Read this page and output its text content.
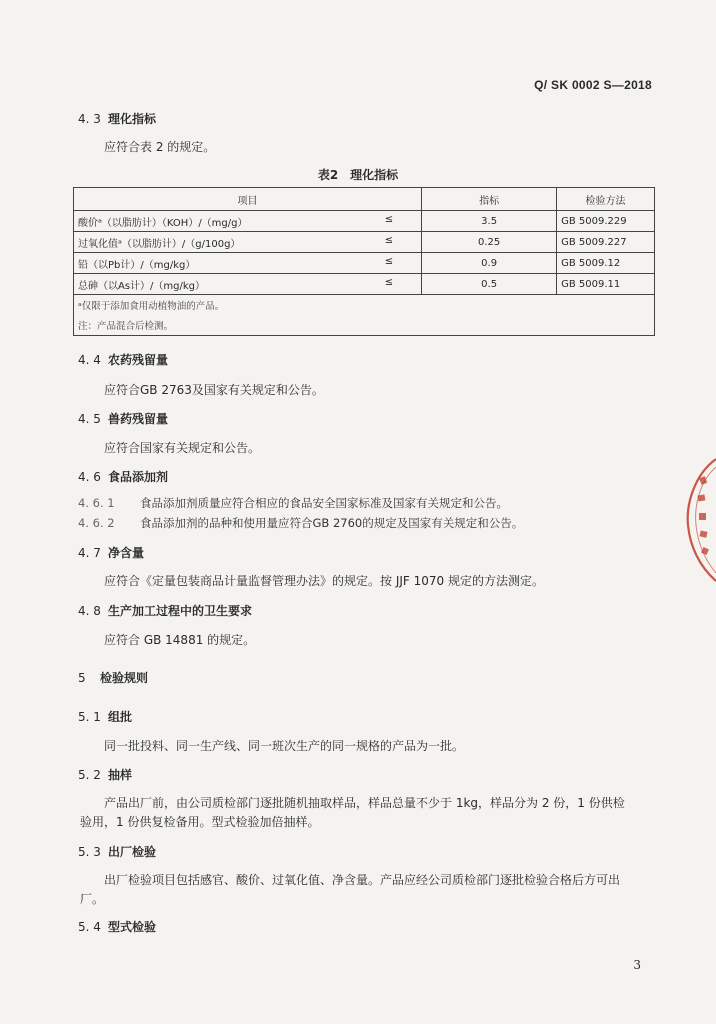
Q/ SK 0002 S—2018
4. 3 理化指标
应符合表 2 的规定。
表2　理化指标
项目	指标	检验方法

酸价ᵃ（以脂肪计）（KOH）/（mg/g） ≤	3.5	GB 5009.229

过氧化值ᵃ（以脂肪计）/（g/100g） ≤	0.25	GB 5009.227

铅（以Pb计）/（mg/kg） ≤	0.9	GB 5009.12

总砷（以As计）/（mg/kg） ≤	0.5	GB 5009.11
ᵃ仅限于添加食用动植物油的产品。		
注：产品混合后检测。		
4. 4 农药残留量
应符合GB 2763及国家有关规定和公告。
4. 5 兽药残留量
应符合国家有关规定和公告。
4. 6 食品添加剂
4. 6. 1 食品添加剂质量应符合相应的食品安全国家标准及国家有关规定和公告。
4. 6. 2 食品添加剂的品种和使用量应符合GB 2760的规定及国家有关规定和公告。
4. 7 净含量
应符合《定量包装商品计量监督管理办法》的规定。按 JJF 1070 规定的方法测定。
4. 8 生产加工过程中的卫生要求
应符合 GB 14881 的规定。
5 检验规则
5. 1 组批
同一批投料、同一生产线、同一班次生产的同一规格的产品为一批。
5. 2 抽样
产品出厂前，由公司质检部门逐批随机抽取样品，样品总量不少于 1kg，样品分为 2 份，1 份供检
验用，1 份供复检备用。型式检验加倍抽样。
5. 3 出厂检验
出厂检验项目包括感官、酸价、过氧化值、净含量。产品应经公司质检部门逐批检验合格后方可出
厂。
5. 4 型式检验
3
